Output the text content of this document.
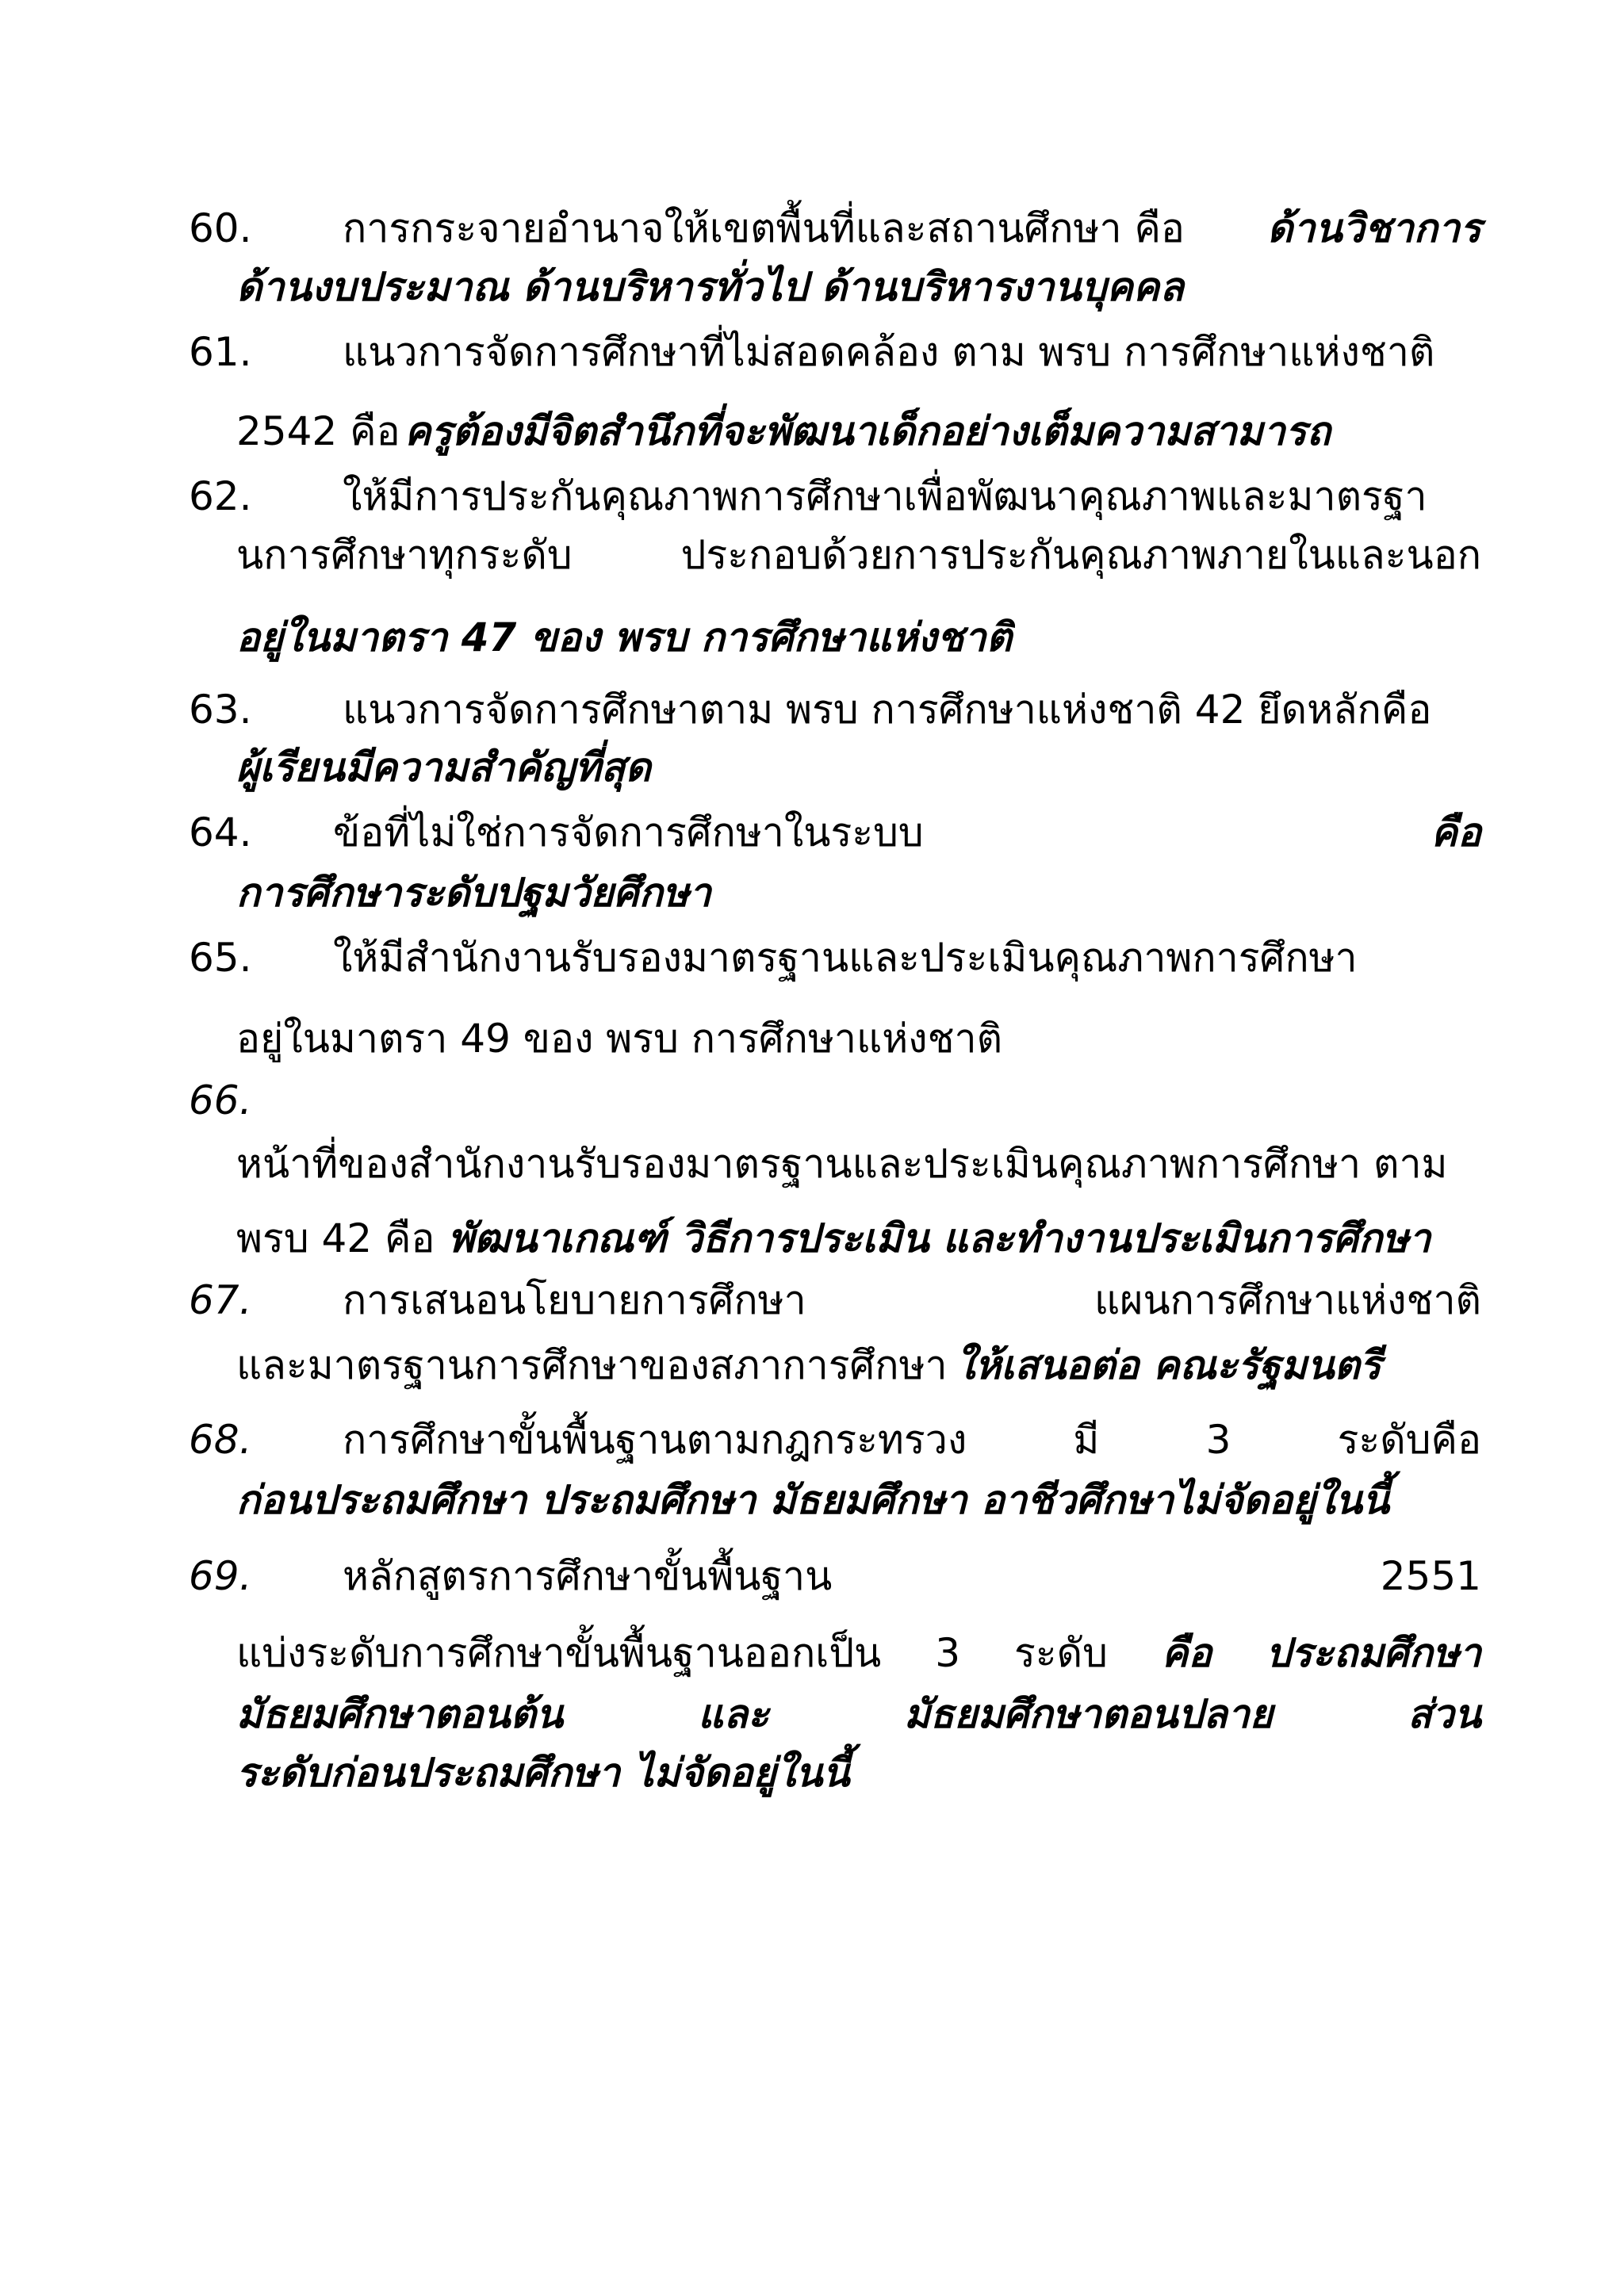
60. การกระจายอำนาจให้เขตพื้นที่และสถานศึกษา คือ ด้านวิชาการ
ด้านงบประมาณ ด้านบริหารทั่วไป ด้านบริหารงานบุคคล
61. แนวการจัดการศึกษาที่ไม่สอดคล้อง ตาม พรบ การศึกษาแห่งชาติ
2542 คือ ครูต้องมีจิตสำนึกที่จะพัฒนาเด็กอย่างเต็มความสามารถ
62. ให้มีการประกันคุณภาพการศึกษาเพื่อพัฒนาคุณภาพและมาตรฐา
นการศึกษาทุกระดับ	ประกอบด้วยการประกันคุณภาพภายในและนอก
อยู่ในมาตรา 47 ของ พรบ การศึกษาแห่งชาติ
63. แนวการจัดการศึกษาตาม พรบ การศึกษาแห่งชาติ 42 ยึดหลักคือ
ผู้เรียนมีความสำคัญที่สุด
64. ข้อที่ไม่ใช่การจัดการศึกษาในระบบ	คือ
การศึกษาระดับปฐมวัยศึกษา
65. ให้มีสำนักงานรับรองมาตรฐานและประเมินคุณภาพการศึกษา
อยู่ในมาตรา 49 ของ พรบ การศึกษาแห่งชาติ
66.
หน้าที่ของสำนักงานรับรองมาตรฐานและประเมินคุณภาพการศึกษา ตาม
พรบ 42 คือ พัฒนาเกณฑ์ วิธีการประเมิน และทำงานประเมินการศึกษา
67. การเสนอนโยบายการศึกษา	แผนการศึกษาแห่งชาติ
และมาตรฐานการศึกษาของสภาการศึกษา ให้เสนอต่อ คณะรัฐมนตรี
68. การศึกษาขั้นพื้นฐานตามกฎกระทรวง	มี	3	ระดับคือ
ก่อนประถมศึกษา ประถมศึกษา มัธยมศึกษา อาชีวศึกษาไม่จัดอยู่ในนี้
69. หลักสูตรการศึกษาขั้นพื้นฐาน	2551
แบ่งระดับการศึกษาขั้นพื้นฐานออกเป็น 3 ระดับ คือ ประถมศึกษา
มัธยมศึกษาตอนต้น	และ	มัธยมศึกษาตอนปลาย	ส่วน
ระดับก่อนประถมศึกษา ไม่จัดอยู่ในนี้
